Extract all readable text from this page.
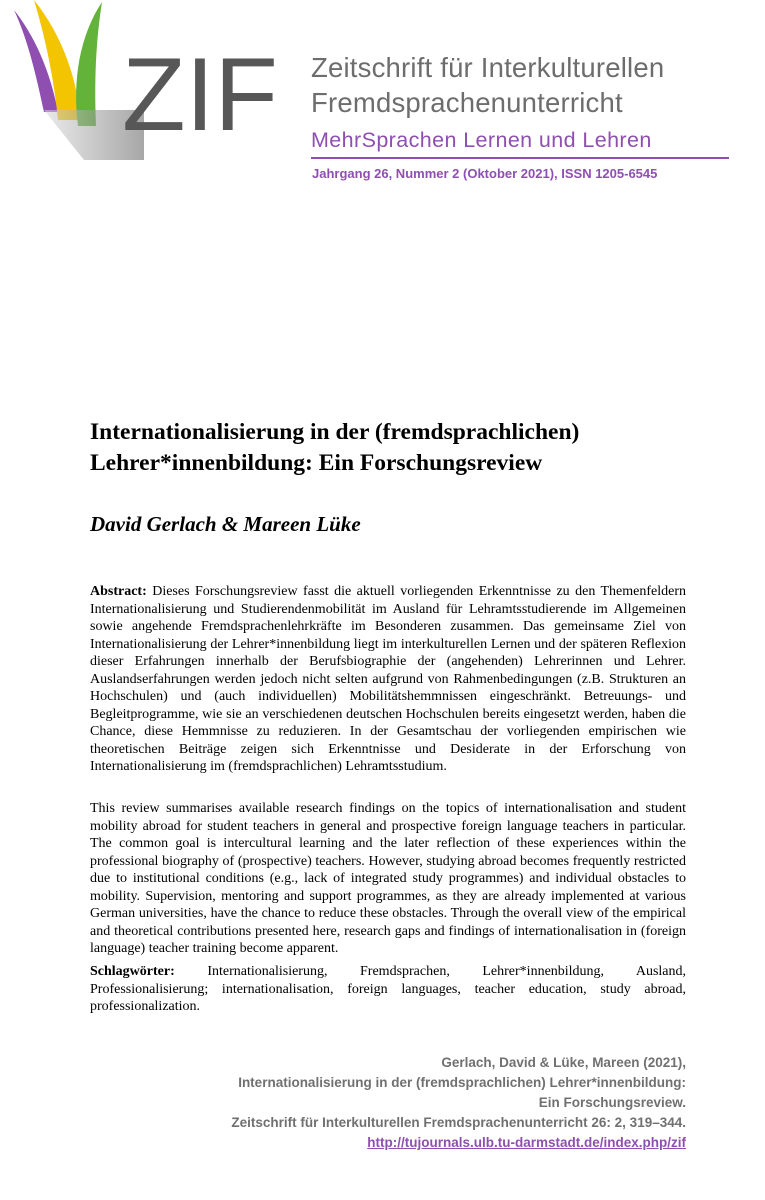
ZIF Zeitschrift für Interkulturellen
Fremdsprachenunterricht
MehrSprachen Lernen und Lehren
Jahrgang 26, Nummer 2 (Oktober 2021), ISSN 1205-6545
Internationalisierung in der (fremdsprachlichen)
Lehrer*innenbildung: Ein Forschungsreview
David Gerlach & Mareen Lüke

Abstract: Dieses Forschungsreview fasst die aktuell vorliegenden Erkenntnisse zu den Themenfeldern Internationalisierung und Studierendenmobilität im Ausland für Lehramtsstudierende im Allgemeinen sowie angehende Fremdsprachenlehrkräfte im Besonderen zusammen. Das gemeinsame Ziel von Internationalisierung der Lehrer*innenbildung liegt im interkulturellen Lernen und der späteren Reflexion dieser Erfahrungen innerhalb der Berufsbiographie der (angehenden) Lehrerinnen und Lehrer. Auslandserfahrungen werden jedoch nicht selten aufgrund von Rahmenbedingungen (z.B. Strukturen an Hochschulen) und (auch individuellen) Mobilitätshemmnissen eingeschränkt. Betreuungs- und Begleitprogramme, wie sie an verschiedenen deutschen Hochschulen bereits eingesetzt werden, haben die Chance, diese Hemmnisse zu reduzieren. In der Gesamtschau der vorliegenden empirischen wie theoretischen Beiträge zeigen sich Erkenntnisse und Desiderate in der Erforschung von Internationalisierung im (fremdsprachlichen) Lehramtsstudium.

This review summarises available research findings on the topics of internationalisation and student mobility abroad for student teachers in general and prospective foreign language teachers in particular. The common goal is intercultural learning and the later reflection of these experiences within the professional biography of (prospective) teachers. However, studying abroad becomes frequently restricted due to institutional conditions (e.g., lack of integrated study programmes) and individual obstacles to mobility. Supervision, mentoring and support programmes, as they are already implemented at various German universities, have the chance to reduce these obstacles. Through the overall view of the empirical and theoretical contributions presented here, research gaps and findings of internationalisation in (foreign language) teacher training become apparent.

Schlagwörter: Internationalisierung, Fremdsprachen, Lehrer*innenbildung, Ausland, Professionalisierung; internationalisation, foreign languages, teacher education, study abroad, professionalization.

Gerlach, David & Lüke, Mareen (2021),
Internationalisierung in der (fremdsprachlichen) Lehrer*innenbildung:
Ein Forschungsreview.
Zeitschrift für Interkulturellen Fremdsprachenunterricht 26: 2, 319–344.
http://tujournals.ulb.tu-darmstadt.de/index.php/zif
